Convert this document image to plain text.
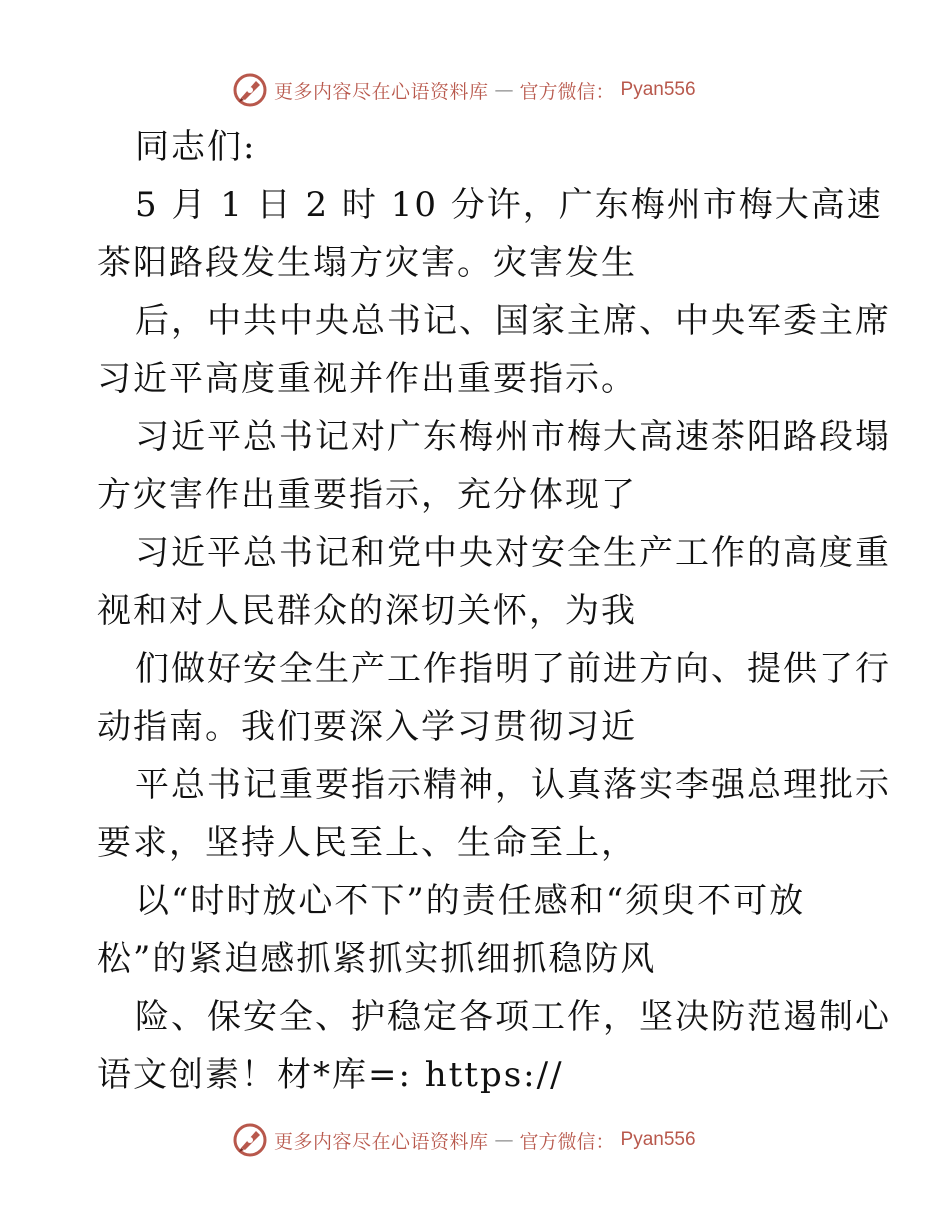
更多内容尽在心语资料库 — 官方微信： Pyan556
同志们:
5 月 1 日 2 时 10 分许，广东梅州市梅大高速
茶阳路段发生塌方灾害。灾害发生
后，中共中央总书记、国家主席、中央军委主席
习近平高度重视并作出重要指示。
习近平总书记对广东梅州市梅大高速茶阳路段塌
方灾害作出重要指示，充分体现了
习近平总书记和党中央对安全生产工作的高度重
视和对人民群众的深切关怀，为我
们做好安全生产工作指明了前进方向、提供了行
动指南。我们要深入学习贯彻习近
平总书记重要指示精神，认真落实李强总理批示
要求，坚持人民至上、生命至上，
以“时时放心不下”的责任感和“须臾不可放
松”的紧迫感抓紧抓实抓细抓稳防风
险、保安全、护稳定各项工作，坚决防范遏制心
语文创素！材*库=: https://
更多内容尽在心语资料库 — 官方微信： Pyan556
